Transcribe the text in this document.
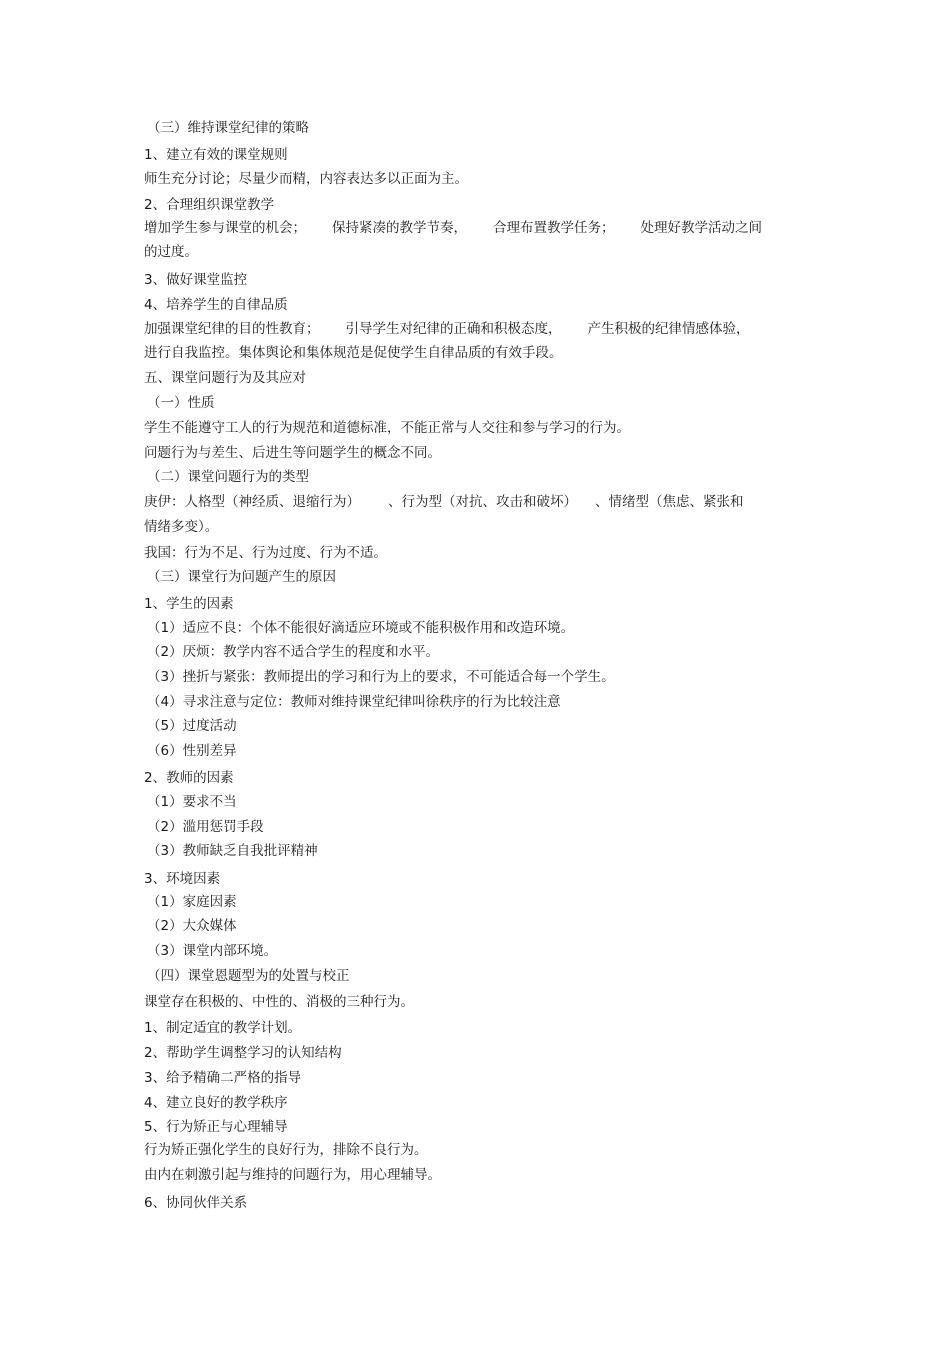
（三）维持课堂纪律的策略

1、建立有效的课堂规则

师生充分讨论；尽量少而精，内容表达多以正面为主。

2、合理组织课堂教学

增加学生参与课堂的机会； 保持紧凑的教学节奏， 合理布置教学任务； 处理好教学活动之间

的过度。

3、做好课堂监控

4、培养学生的自律品质

加强课堂纪律的目的性教育； 引导学生对纪律的正确和积极态度， 产生积极的纪律情感体验，

进行自我监控。集体舆论和集体规范是促使学生自律品质的有效手段。

五、课堂问题行为及其应对

（一）性质

学生不能遵守工人的行为规范和道德标准，不能正常与人交往和参与学习的行为。

问题行为与差生、后进生等问题学生的概念不同。

（二）课堂问题行为的类型

庚伊：人格型（神经质、退缩行为） 、行为型（对抗、攻击和破坏） 、情绪型（焦虑、紧张和

情绪多变）。

我国：行为不足、行为过度、行为不适。

（三）课堂行为问题产生的原因

1、学生的因素

（1）适应不良：个体不能很好滴适应环境或不能积极作用和改造环境。

（2）厌烦：教学内容不适合学生的程度和水平。

（3）挫折与紧张：教师提出的学习和行为上的要求，不可能适合每一个学生。

（4）寻求注意与定位：教师对维持课堂纪律叫徐秩序的行为比较注意

（5）过度活动

（6）性别差异

2、教师的因素

（1）要求不当

（2）滥用惩罚手段

（3）教师缺乏自我批评精神

3、环境因素

（1）家庭因素

（2）大众媒体

（3）课堂内部环境。

（四）课堂恩题型为的处置与校正

课堂存在积极的、中性的、消极的三种行为。

1、制定适宜的教学计划。

2、帮助学生调整学习的认知结构

3、给予精确二严格的指导

4、建立良好的教学秩序

5、行为矫正与心理辅导

行为矫正强化学生的良好行为，排除不良行为。

由内在刺激引起与维持的问题行为，用心理辅导。

6、协同伙伴关系
